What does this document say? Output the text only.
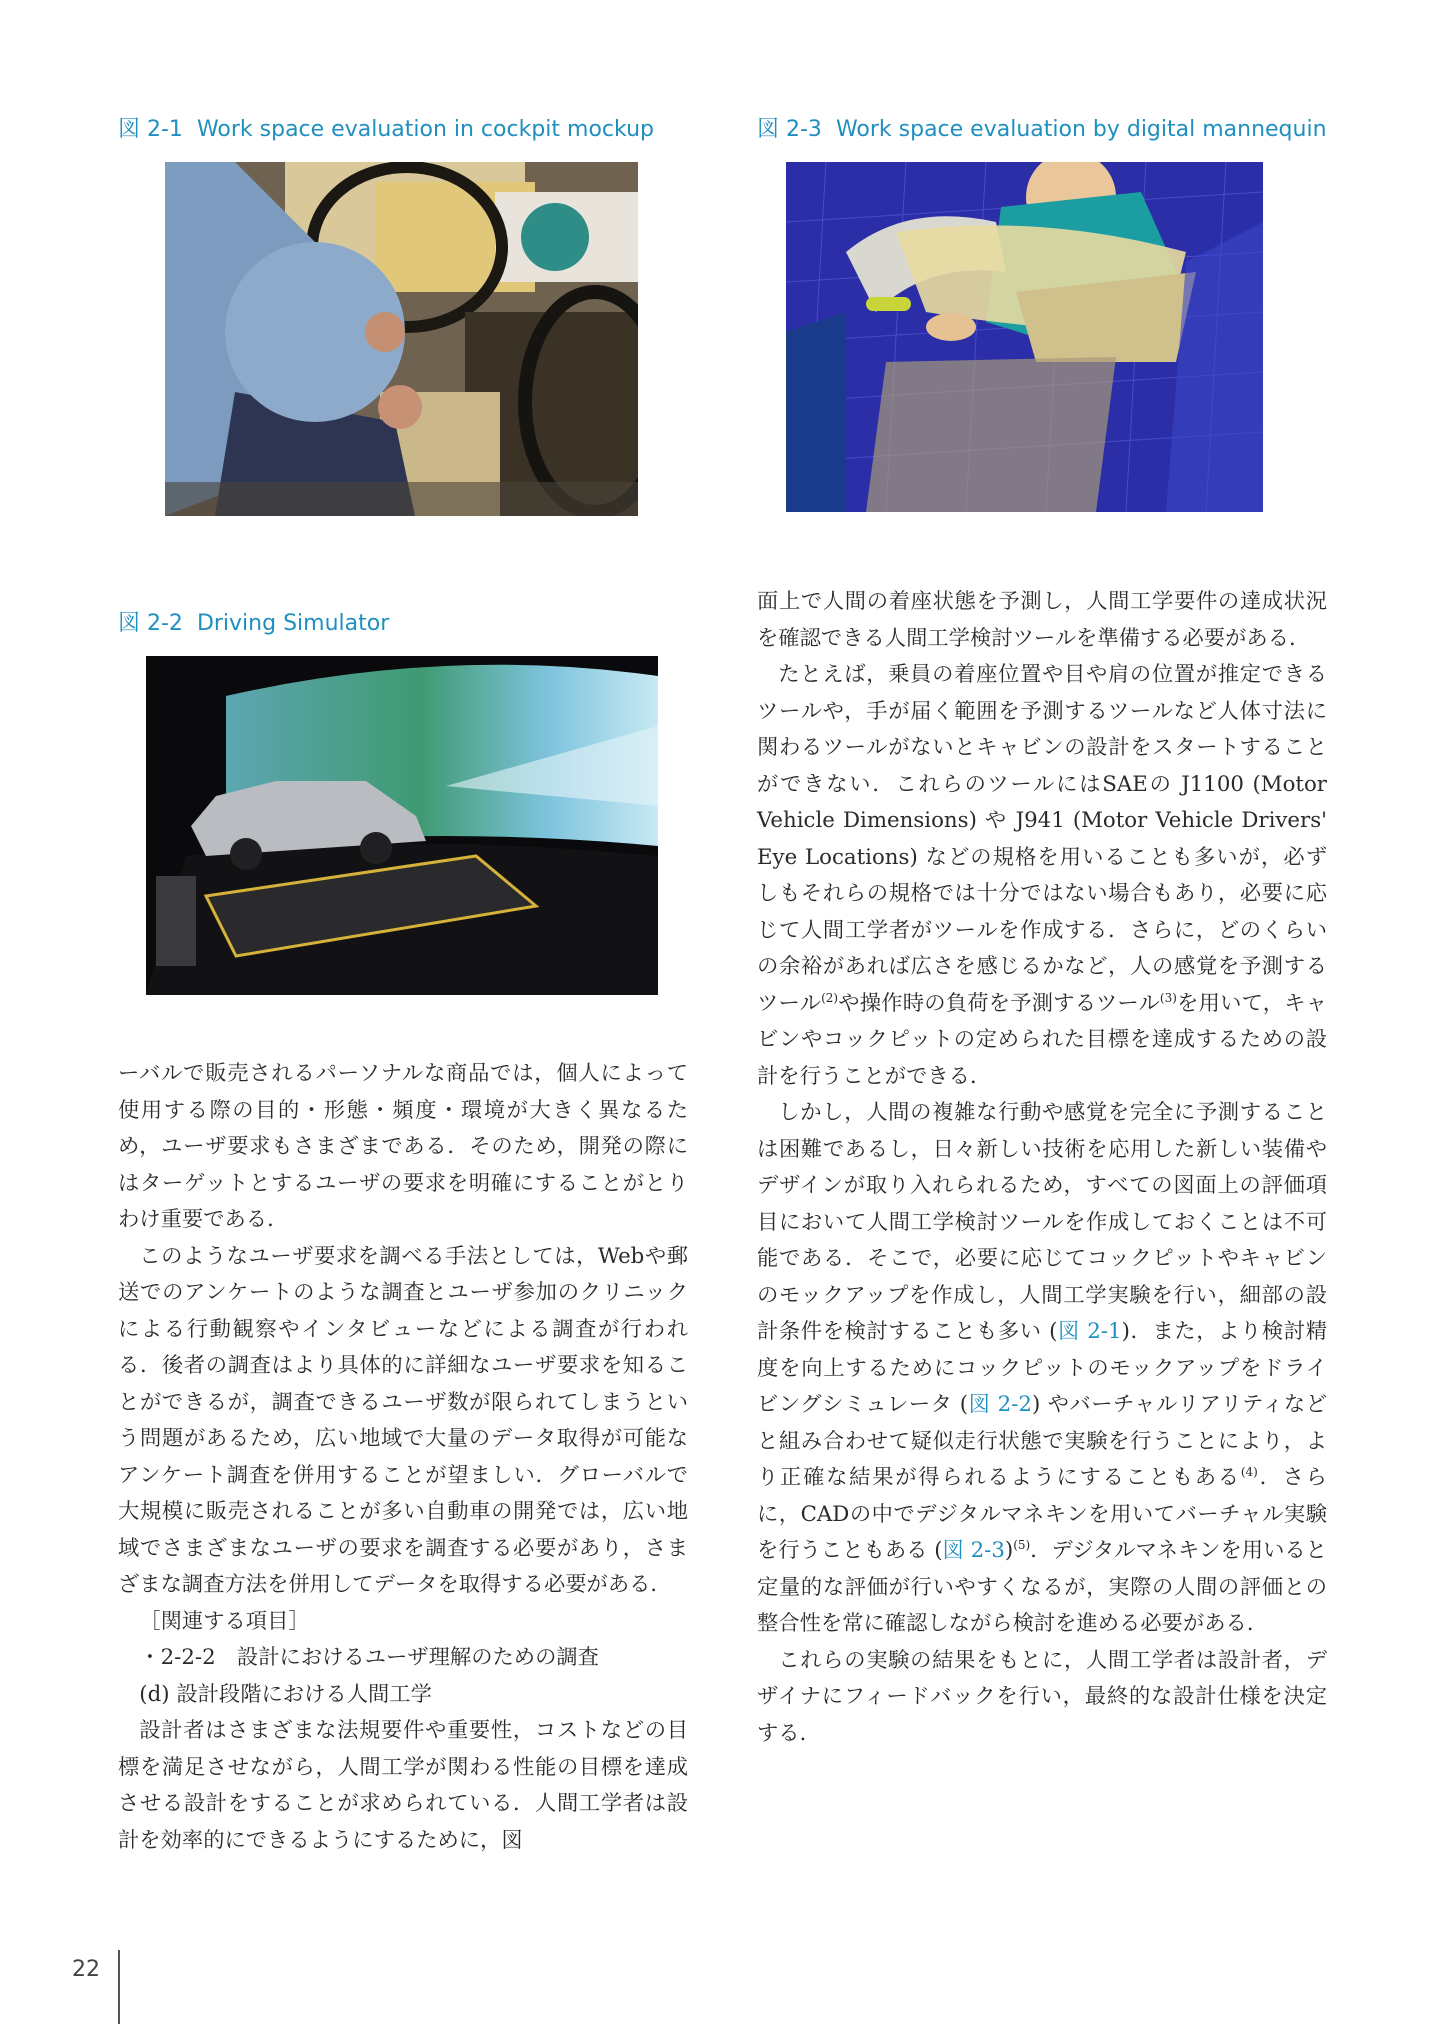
図 2-1 Work space evaluation in cockpit mockup
図 2-2 Driving Simulator
図 2-3 Work space evaluation by digital mannequin

ーバルで販売されるパーソナルな商品では，個人によって使用する際の目的・形態・頻度・環境が大きく異なるため，ユーザ要求もさまざまである．そのため，開発の際にはターゲットとするユーザの要求を明確にすることがとりわけ重要である．

このようなユーザ要求を調べる手法としては，Webや郵送でのアンケートのような調査とユーザ参加のクリニックによる行動観察やインタビューなどによる調査が行われる．後者の調査はより具体的に詳細なユーザ要求を知ることができるが，調査できるユーザ数が限られてしまうという問題があるため，広い地域で大量のデータ取得が可能なアンケート調査を併用することが望ましい．グローバルで大規模に販売されることが多い自動車の開発では，広い地域でさまざまなユーザの要求を調査する必要があり，さまざまな調査方法を併用してデータを取得する必要がある．

［関連する項目］

・2-2-2　設計におけるユーザ理解のための調査

(d) 設計段階における人間工学

設計者はさまざまな法規要件や重要性，コストなどの目標を満足させながら，人間工学が関わる性能の目標を達成させる設計をすることが求められている．人間工学者は設計を効率的にできるようにするために，図

面上で人間の着座状態を予測し，人間工学要件の達成状況を確認できる人間工学検討ツールを準備する必要がある．

たとえば，乗員の着座位置や目や肩の位置が推定できるツールや，手が届く範囲を予測するツールなど人体寸法に関わるツールがないとキャビンの設計をスタートすることができない．これらのツールにはSAEの J1100 (Motor Vehicle Dimensions) や J941 (Motor Vehicle Drivers' Eye Locations) などの規格を用いることも多いが，必ずしもそれらの規格では十分ではない場合もあり，必要に応じて人間工学者がツールを作成する．さらに，どのくらいの余裕があれば広さを感じるかなど，人の感覚を予測するツール$^{(2)}$や操作時の負荷を予測するツール$^{(3)}$を用いて，キャビンやコックピットの定められた目標を達成するための設計を行うことができる．

しかし，人間の複雑な行動や感覚を完全に予測することは困難であるし，日々新しい技術を応用した新しい装備やデザインが取り入れられるため，すべての図面上の評価項目において人間工学検討ツールを作成しておくことは不可能である．そこで，必要に応じてコックピットやキャビンのモックアップを作成し，人間工学実験を行い，細部の設計条件を検討することも多い (図 2-1)．また，より検討精度を向上するためにコックピットのモックアップをドライビングシミュレータ (図 2-2) やバーチャルリアリティなどと組み合わせて疑似走行状態で実験を行うことにより，より正確な結果が得られるようにすることもある$^{(4)}$．さらに，CADの中でデジタルマネキンを用いてバーチャル実験を行うこともある (図 2-3)$^{(5)}$．デジタルマネキンを用いると定量的な評価が行いやすくなるが，実際の人間の評価との整合性を常に確認しながら検討を進める必要がある．

これらの実験の結果をもとに，人間工学者は設計者，デザイナにフィードバックを行い，最終的な設計仕様を決定する．

22
